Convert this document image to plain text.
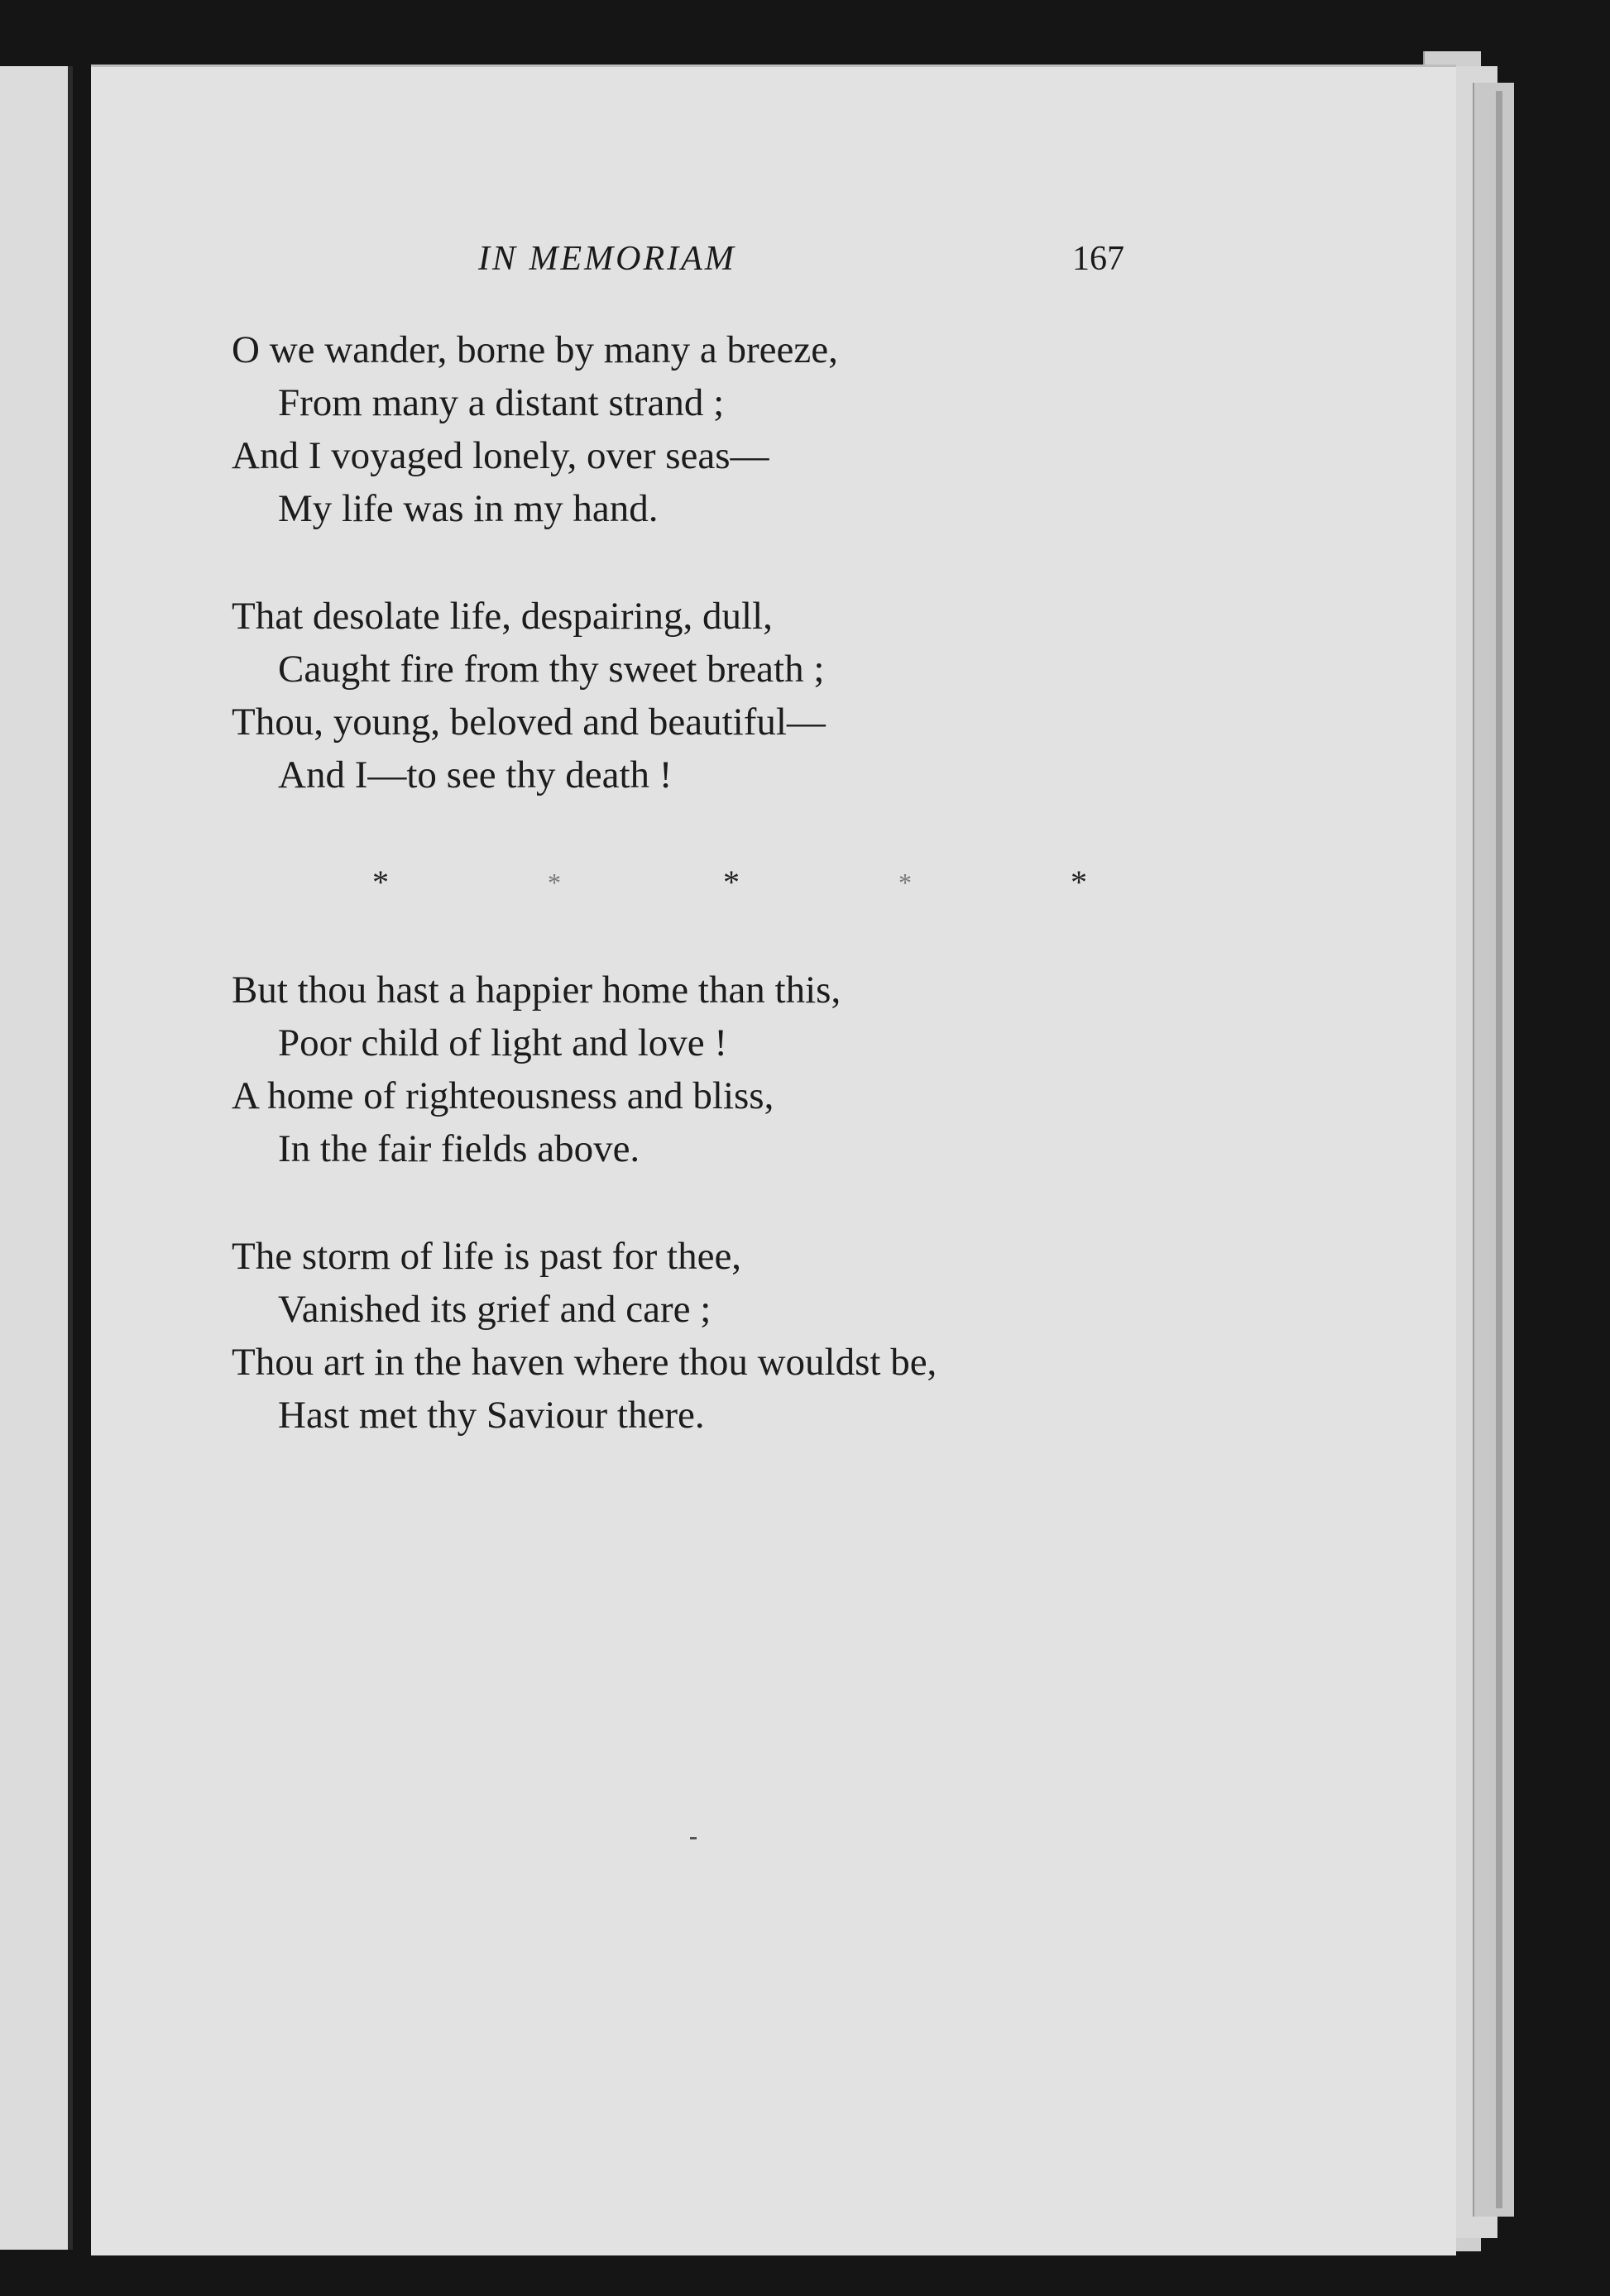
IN MEMORIAM	167
O we wander, borne by many a breeze,
From many a distant strand ;
And I voyaged lonely, over seas—
My life was in my hand.
That desolate life, despairing, dull,
Caught fire from thy sweet breath ;
Thou, young, beloved and beautiful—
And I—to see thy death !
*	*	*	*	*
But thou hast a happier home than this,
Poor child of light and love !
A home of righteousness and bliss,
In the fair fields above.
The storm of life is past for thee,
Vanished its grief and care ;
Thou art in the haven where thou wouldst be,
Hast met thy Saviour there.
